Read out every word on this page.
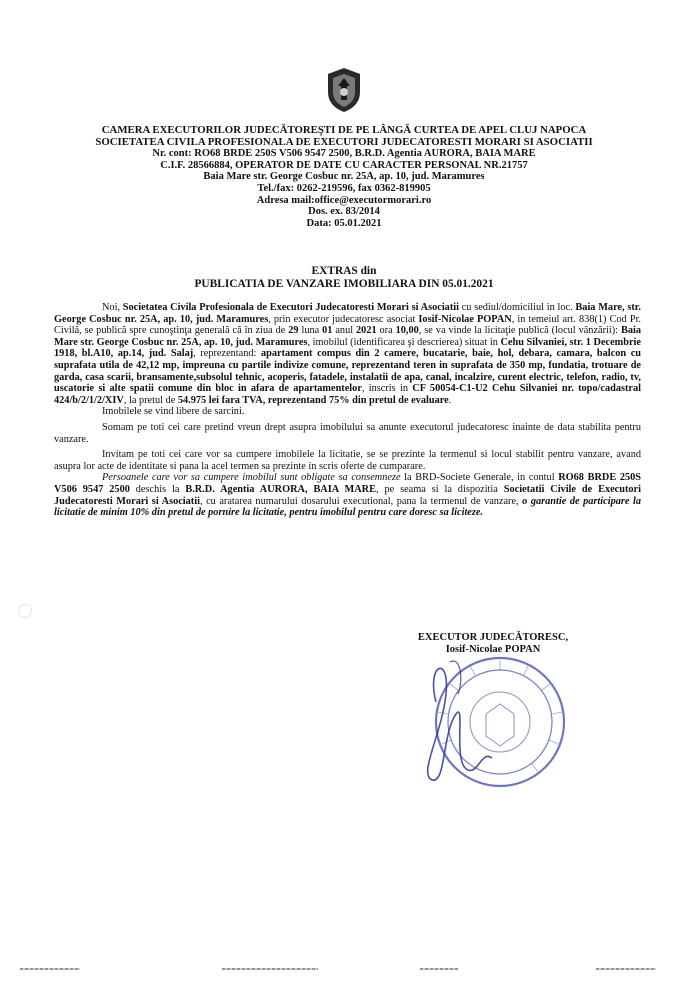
CAMERA EXECUTORILOR JUDECĂTOREŞTI DE PE LÂNGĂ CURTEA DE APEL CLUJ NAPOCA
SOCIETATEA CIVILA PROFESIONALA DE EXECUTORI JUDECATORESTI MORARI SI ASOCIATII
Nr. cont: RO68 BRDE 250S V506 9547 2500, B.R.D. Agentia AURORA, BAIA MARE
C.I.F. 28566884, OPERATOR DE DATE CU CARACTER PERSONAL NR.21757
Baia Mare str. George Cosbuc nr. 25A, ap. 10, jud. Maramures
Tel./fax: 0262-219596, fax 0362-819905
Adresa mail:office@executormorari.ro
Dos. ex. 83/2014
Data: 05.01.2021
EXTRAS din
PUBLICATIA DE VANZARE IMOBILIARA DIN 05.01.2021

Noi, Societatea Civila Profesionala de Executori Judecatoresti Morari si Asociatii cu sediul/domiciliul in loc. Baia Mare, str. George Cosbuc nr. 25A, ap. 10, jud. Maramures, prin executor judecatoresc asociat Iosif-Nicolae POPAN, in temeiul art. 838(1) Cod Pr. Civilă, se publică spre cunoştinţa generală că în ziua de 29 luna 01 anul 2021 ora 10,00, se va vinde la licitaţie publică (locul vânzării): Baia Mare str. George Cosbuc nr. 25A, ap. 10, jud. Maramures, imobilul (identificarea şi descrierea) situat in Cehu Silvaniei, str. 1 Decembrie 1918, bl.A10, ap.14, jud. Salaj, reprezentand: apartament compus din 2 camere, bucatarie, baie, hol, debara, camara, balcon cu suprafata utila de 42,12 mp, impreuna cu partile indivize comune, reprezentand teren in suprafata de 350 mp, fundatia, trotuare de garda, casa scarii, bransamente,subsolul tehnic, acoperis, fatadele, instalatii de apa, canal, incalzire, curent electric, telefon, radio, tv, uscatorie si alte spatii comune din bloc in afara de apartamentelor, inscris in CF 50054-C1-U2 Cehu Silvaniei nr. topo/cadastral 424/b/2/1/2/XIV, la pretul de 54.975 lei fara TVA, reprezentand 75% din pretul de evaluare.

Imobilele se vind libere de sarcini.

Somam pe toti cei care pretind vreun drept asupra imobilului sa anunte executorul judecatoresc inainte de data stabilita pentru vanzare.

Invitam pe toti cei care vor sa cumpere imobilele la licitatie, se se prezinte la termenul si locul stabilit pentru vanzare, avand asupra lor acte de identitate si pana la acel termen sa prezinte in scris oferte de cumparare.

Persoanele care vor sa cumpere imobilul sunt obligate sa consemneze la BRD-Societe Generale, in contul RO68 BRDE 250S V506 9547 2500 deschis la B.R.D. Agentia AURORA, BAIA MARE, pe seama si la dispozitia Societatii Civile de Executori Judecatoresti Morari si Asociatii, cu aratarea numarului dosarului executional, pana la termenul de vanzare, o garantie de participare la licitatie de minim 10% din pretul de pornire la licitatie, pentru imobilul pentru care doresc sa liciteze.

EXECUTOR JUDECĂTORESC,
Iosif-Nicolae POPAN
